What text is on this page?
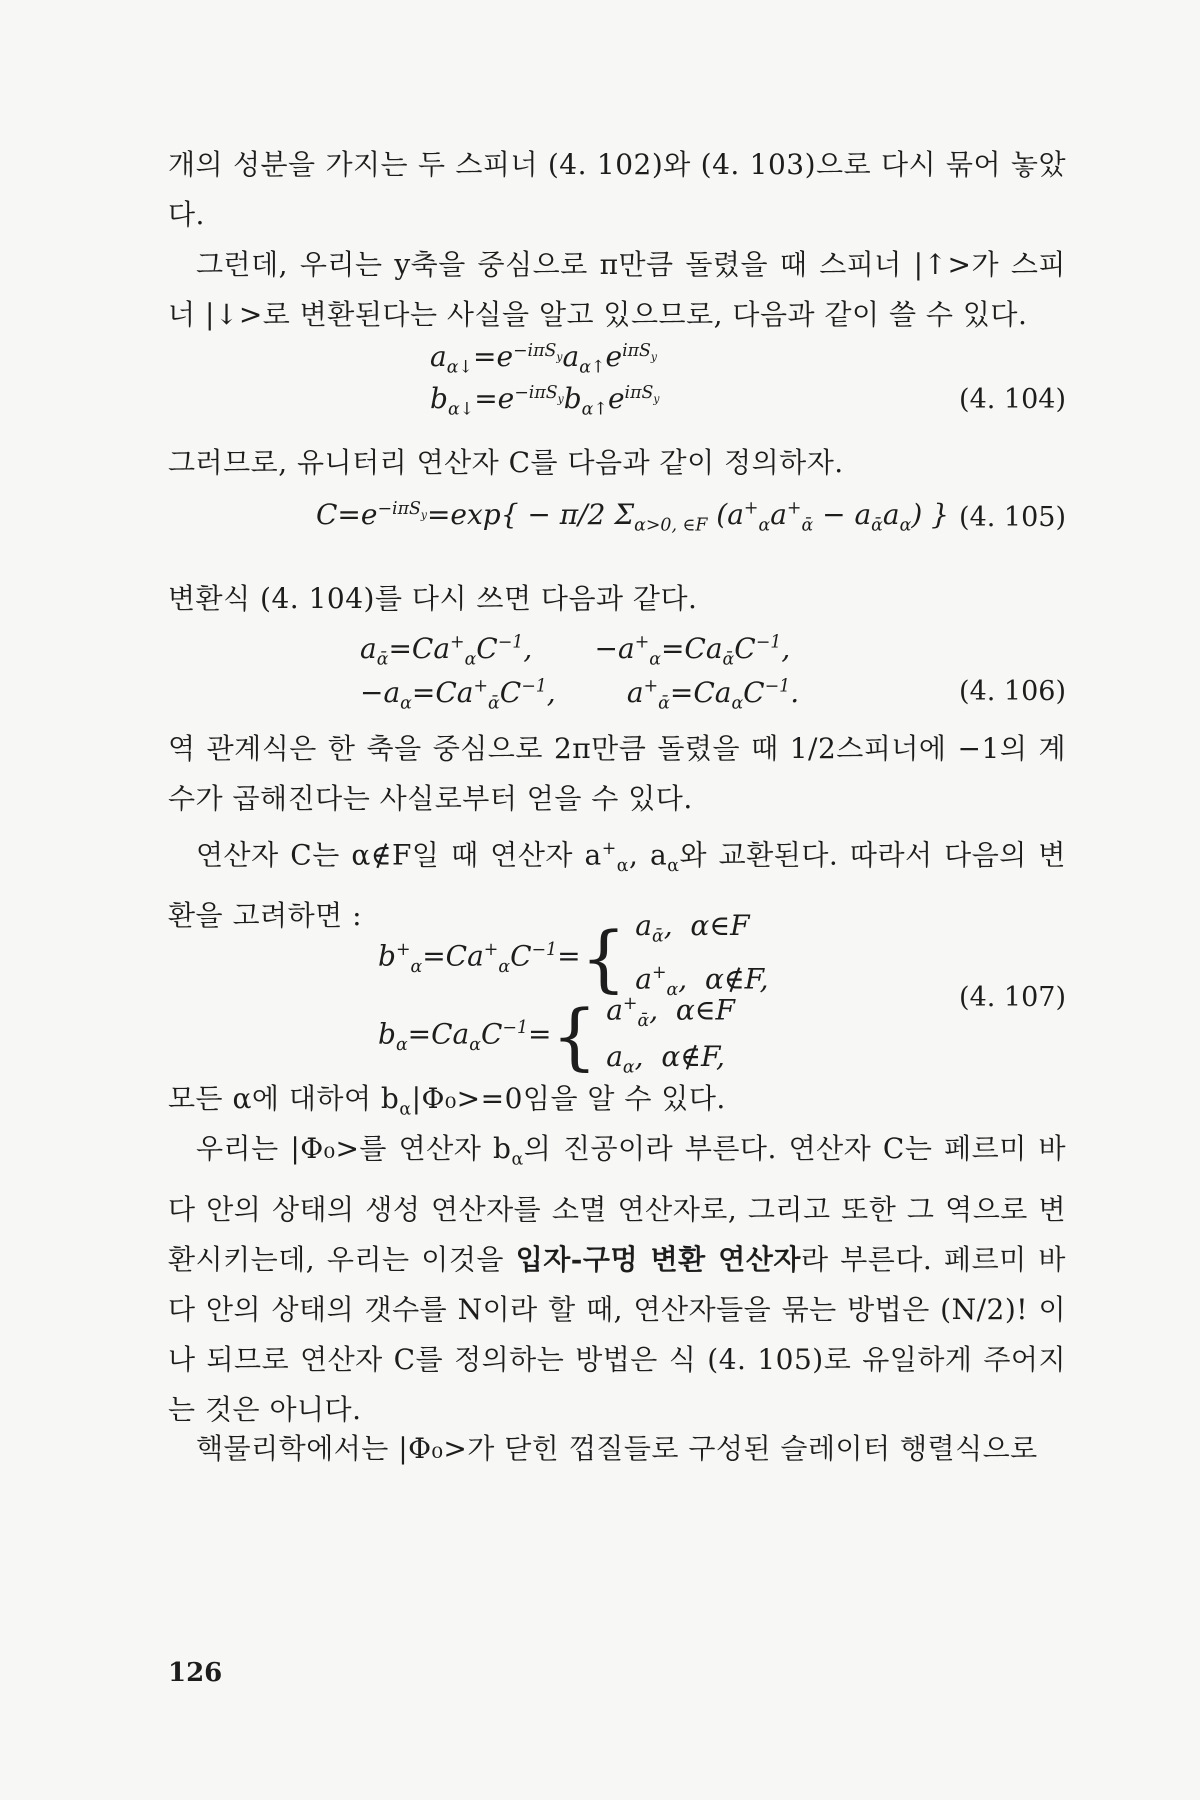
개의 성분을 가지는 두 스피너 (4. 102)와 (4. 103)으로 다시 묶어 놓았다.

그런데, 우리는 y축을 중심으로 π만큼 돌렸을 때 스피너 |↑>가 스피너 |↓>로 변환된다는 사실을 알고 있으므로, 다음과 같이 쓸 수 있다.

$a_{\alpha↓}=e^{-i\pi S_y}a_{\alpha↑}e^{i\pi S_y}$
$b_{\alpha↓}=e^{-i\pi S_y}b_{\alpha↑}e^{i\pi S_y}$	(4. 104)

그러므로, 유니터리 연산자 C를 다음과 같이 정의하자.

$C=e^{-i\pi S_y}=\exp\{ - \pi/2$ $\Sigma_{\alpha>0, \in F}$ $(a^+_\alpha a^+_ᾱ - a_ᾱa_\alpha)$ } (4. 105)

변환식 (4. 104)를 다시 쓰면 다음과 같다.

$a_ᾱ=Ca^+_\alpha C^{-1}$,       $-a^+_\alpha=Ca_ᾱC^{-1}$,
$-a_\alpha=Ca^+_ᾱC^{-1}$,        $a^+_ᾱ=Ca_\alpha C^{-1}$.	(4. 106)

역 관계식은 한 축을 중심으로 2π만큼 돌렸을 때 1/2스피너에 −1의 계수가 곱해진다는 사실로부터 얻을 수 있다.

연산자 C는 α∉F일 때 연산자 $a^+_\alpha$, $a_\alpha$와 교환된다. 따라서 다음의 변환을 고려하면 :

$b^+_\alpha=Ca^+_\alpha C^{-1}=${ $a_ᾱ$,  α∈F
$a^+_\alpha$,  α∉F,
$b_\alpha=Ca_\alpha C^{-1}=${ $a^+_ᾱ$,  α∈F
$a_\alpha$,  α∉F,
(4. 107)

모든 α에 대하여 $b_\alpha|\Phi_0>=0$임을 알 수 있다.

우리는 |Φ₀>를 연산자 $b_\alpha$의 진공이라 부른다. 연산자 C는 페르미 바다 안의 상태의 생성 연산자를 소멸 연산자로, 그리고 또한 그 역으로 변환시키는데, 우리는 이것을 입자-구멍 변환 연산자라 부른다. 페르미 바다 안의 상태의 갯수를 N이라 할 때, 연산자들을 묶는 방법은 (N/2)! 이나 되므로 연산자 C를 정의하는 방법은 식 (4. 105)로 유일하게 주어지는 것은 아니다.

핵물리학에서는 |Φ₀>가 닫힌 껍질들로 구성된 슬레이터 행렬식으로

126
